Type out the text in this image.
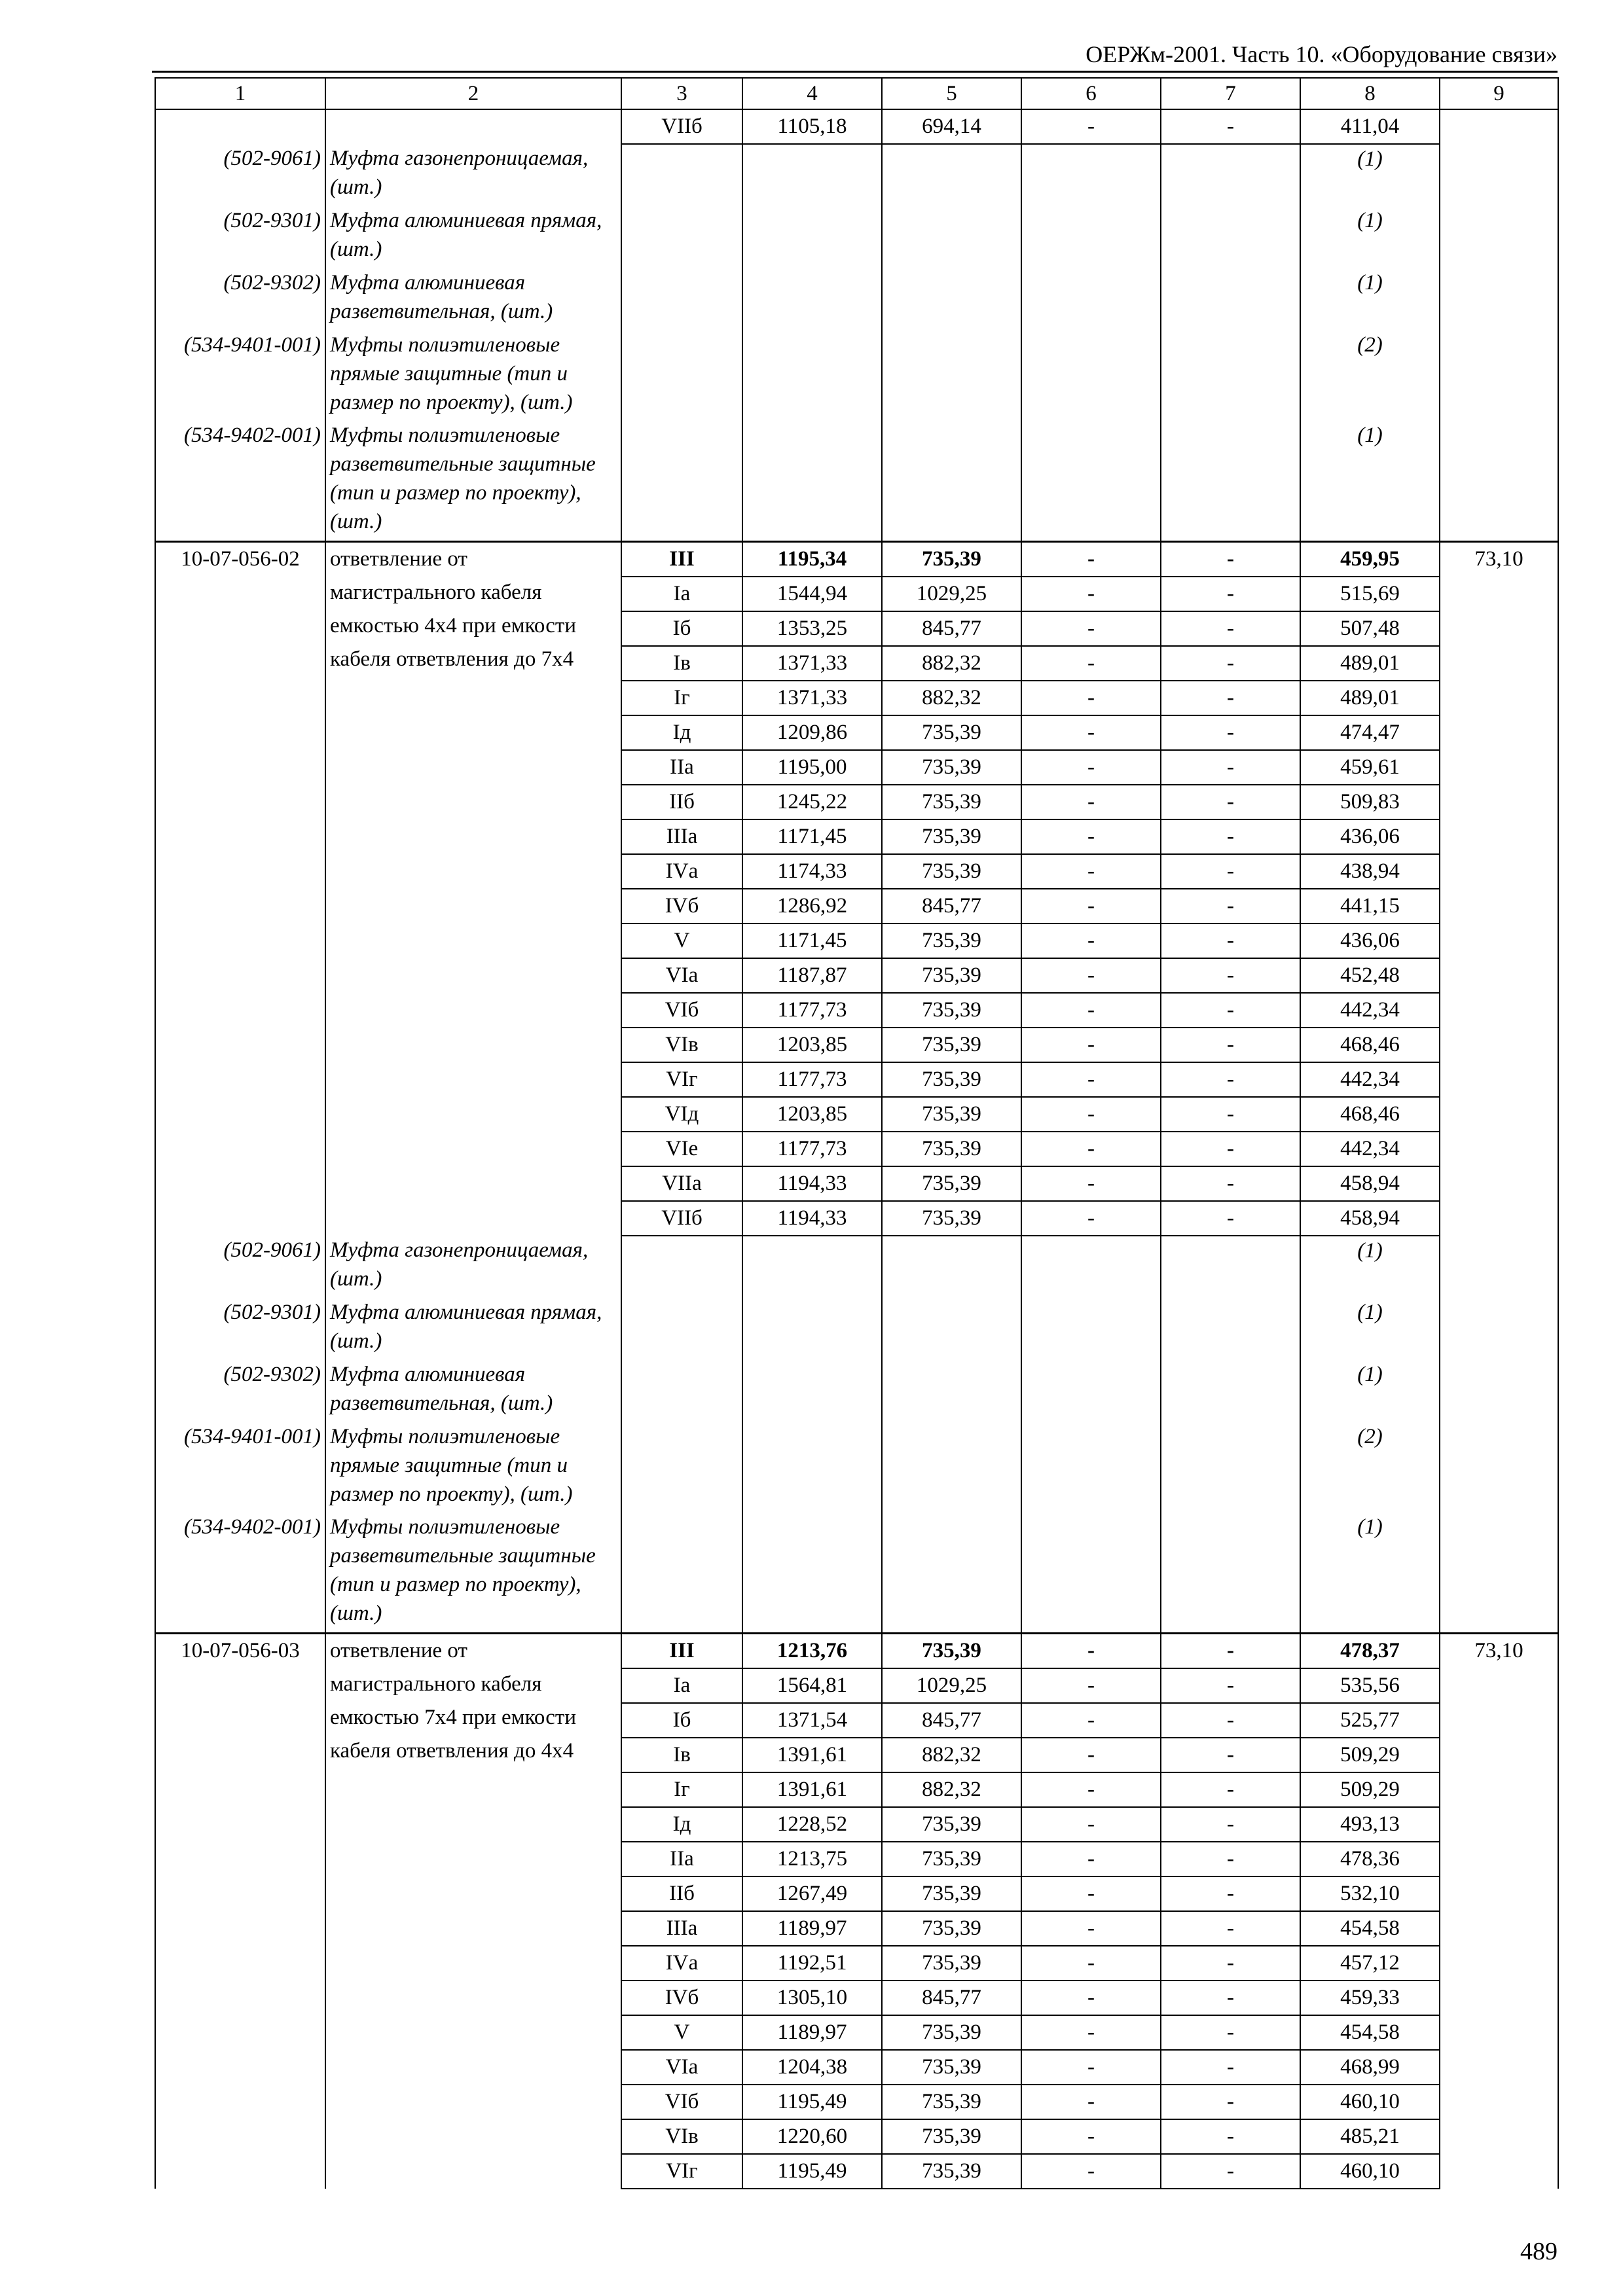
ОЕРЖм-2001. Часть 10. «Оборудование связи»
1	2	3	4	5	6	7	8	9
		VIIб	1105,18	694,14	-	-	411,04	
(502-9061)	Муфта газонепроницаемая, (шт.)						(1)	
(502-9301)	Муфта алюминиевая прямая, (шт.)						(1)	
(502-9302)	Муфта алюминиевая разветвительная, (шт.)						(1)	
(534-9401-001)	Муфты полиэтиленовые прямые защитные (тип и размер по проекту), (шт.)						(2)	
(534-9402-001)	Муфты полиэтиленовые разветвительные защитные (тип и размер по проекту), (шт.)						(1)	
10-07-056-02	ответвление от магистрального кабеля емкостью 4х4 при емкости кабеля ответвления до 7х4	III	1195,34	735,39	-	-	459,95	73,10
		Iа	1544,94	1029,25	-	-	515,69	
		Iб	1353,25	845,77	-	-	507,48	
		Iв	1371,33	882,32	-	-	489,01	
		Iг	1371,33	882,32	-	-	489,01	
		Iд	1209,86	735,39	-	-	474,47	
		IIа	1195,00	735,39	-	-	459,61	
		IIб	1245,22	735,39	-	-	509,83	
		IIIа	1171,45	735,39	-	-	436,06	
		IVа	1174,33	735,39	-	-	438,94	
		IVб	1286,92	845,77	-	-	441,15	
		V	1171,45	735,39	-	-	436,06	
		VIа	1187,87	735,39	-	-	452,48	
		VIб	1177,73	735,39	-	-	442,34	
		VIв	1203,85	735,39	-	-	468,46	
		VIг	1177,73	735,39	-	-	442,34	
		VIд	1203,85	735,39	-	-	468,46	
		VIе	1177,73	735,39	-	-	442,34	
		VIIа	1194,33	735,39	-	-	458,94	
		VIIб	1194,33	735,39	-	-	458,94	
(502-9061)	Муфта газонепроницаемая, (шт.)						(1)	
(502-9301)	Муфта алюминиевая прямая, (шт.)						(1)	
(502-9302)	Муфта алюминиевая разветвительная, (шт.)						(1)	
(534-9401-001)	Муфты полиэтиленовые прямые защитные (тип и размер по проекту), (шт.)						(2)	
(534-9402-001)	Муфты полиэтиленовые разветвительные защитные (тип и размер по проекту), (шт.)						(1)	
10-07-056-03	ответвление от магистрального кабеля емкостью 7х4 при емкости кабеля ответвления до 4х4	III	1213,76	735,39	-	-	478,37	73,10
		Iа	1564,81	1029,25	-	-	535,56	
		Iб	1371,54	845,77	-	-	525,77	
		Iв	1391,61	882,32	-	-	509,29	
		Iг	1391,61	882,32	-	-	509,29	
		Iд	1228,52	735,39	-	-	493,13	
		IIа	1213,75	735,39	-	-	478,36	
		IIб	1267,49	735,39	-	-	532,10	
		IIIа	1189,97	735,39	-	-	454,58	
		IVа	1192,51	735,39	-	-	457,12	
		IVб	1305,10	845,77	-	-	459,33	
		V	1189,97	735,39	-	-	454,58	
		VIа	1204,38	735,39	-	-	468,99	
		VIб	1195,49	735,39	-	-	460,10	
		VIв	1220,60	735,39	-	-	485,21	
		VIг	1195,49	735,39	-	-	460,10	
489
